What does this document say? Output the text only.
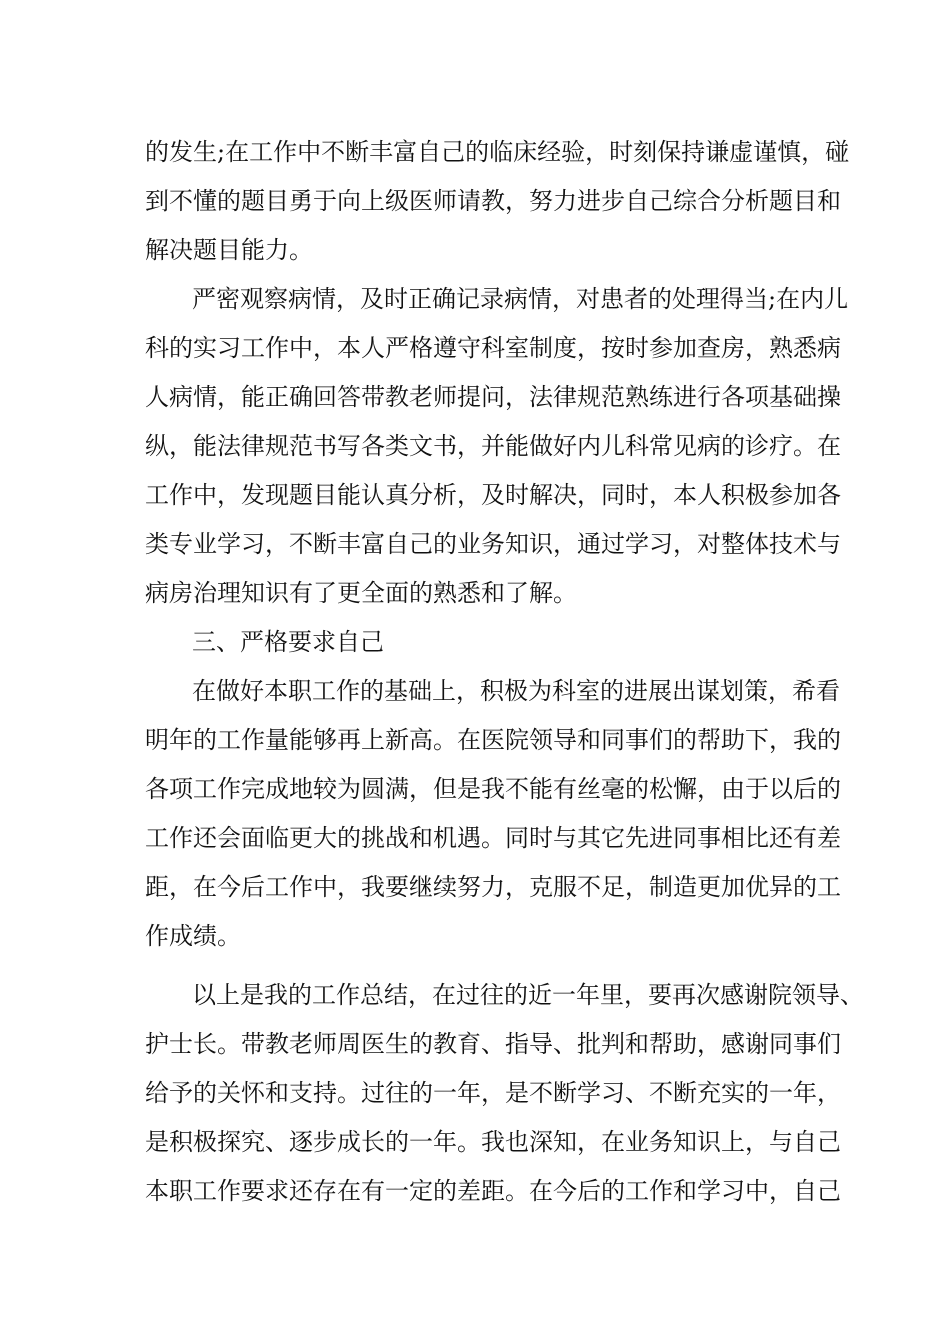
的发生;在工作中不断丰富自己的临床经验，时刻保持谦虚谨慎，碰
到不懂的题目勇于向上级医师请教，努力进步自己综合分析题目和
解决题目能力。
严密观察病情，及时正确记录病情，对患者的处理得当;在内儿
科的实习工作中，本人严格遵守科室制度，按时参加查房，熟悉病
人病情，能正确回答带教老师提问，法律规范熟练进行各项基础操
纵，能法律规范书写各类文书，并能做好内儿科常见病的诊疗。在
工作中，发现题目能认真分析，及时解决，同时，本人积极参加各
类专业学习，不断丰富自己的业务知识，通过学习，对整体技术与
病房治理知识有了更全面的熟悉和了解。
三、严格要求自己
在做好本职工作的基础上，积极为科室的进展出谋划策，希看
明年的工作量能够再上新高。在医院领导和同事们的帮助下，我的
各项工作完成地较为圆满，但是我不能有丝毫的松懈，由于以后的
工作还会面临更大的挑战和机遇。同时与其它先进同事相比还有差
距，在今后工作中，我要继续努力，克服不足，制造更加优异的工
作成绩。
以上是我的工作总结，在过往的近一年里，要再次感谢院领导、
护士长。带教老师周医生的教育、指导、批判和帮助，感谢同事们
给予的关怀和支持。过往的一年，是不断学习、不断充实的一年，
是积极探究、逐步成长的一年。我也深知，在业务知识上，与自己
本职工作要求还存在有一定的差距。在今后的工作和学习中，自己
